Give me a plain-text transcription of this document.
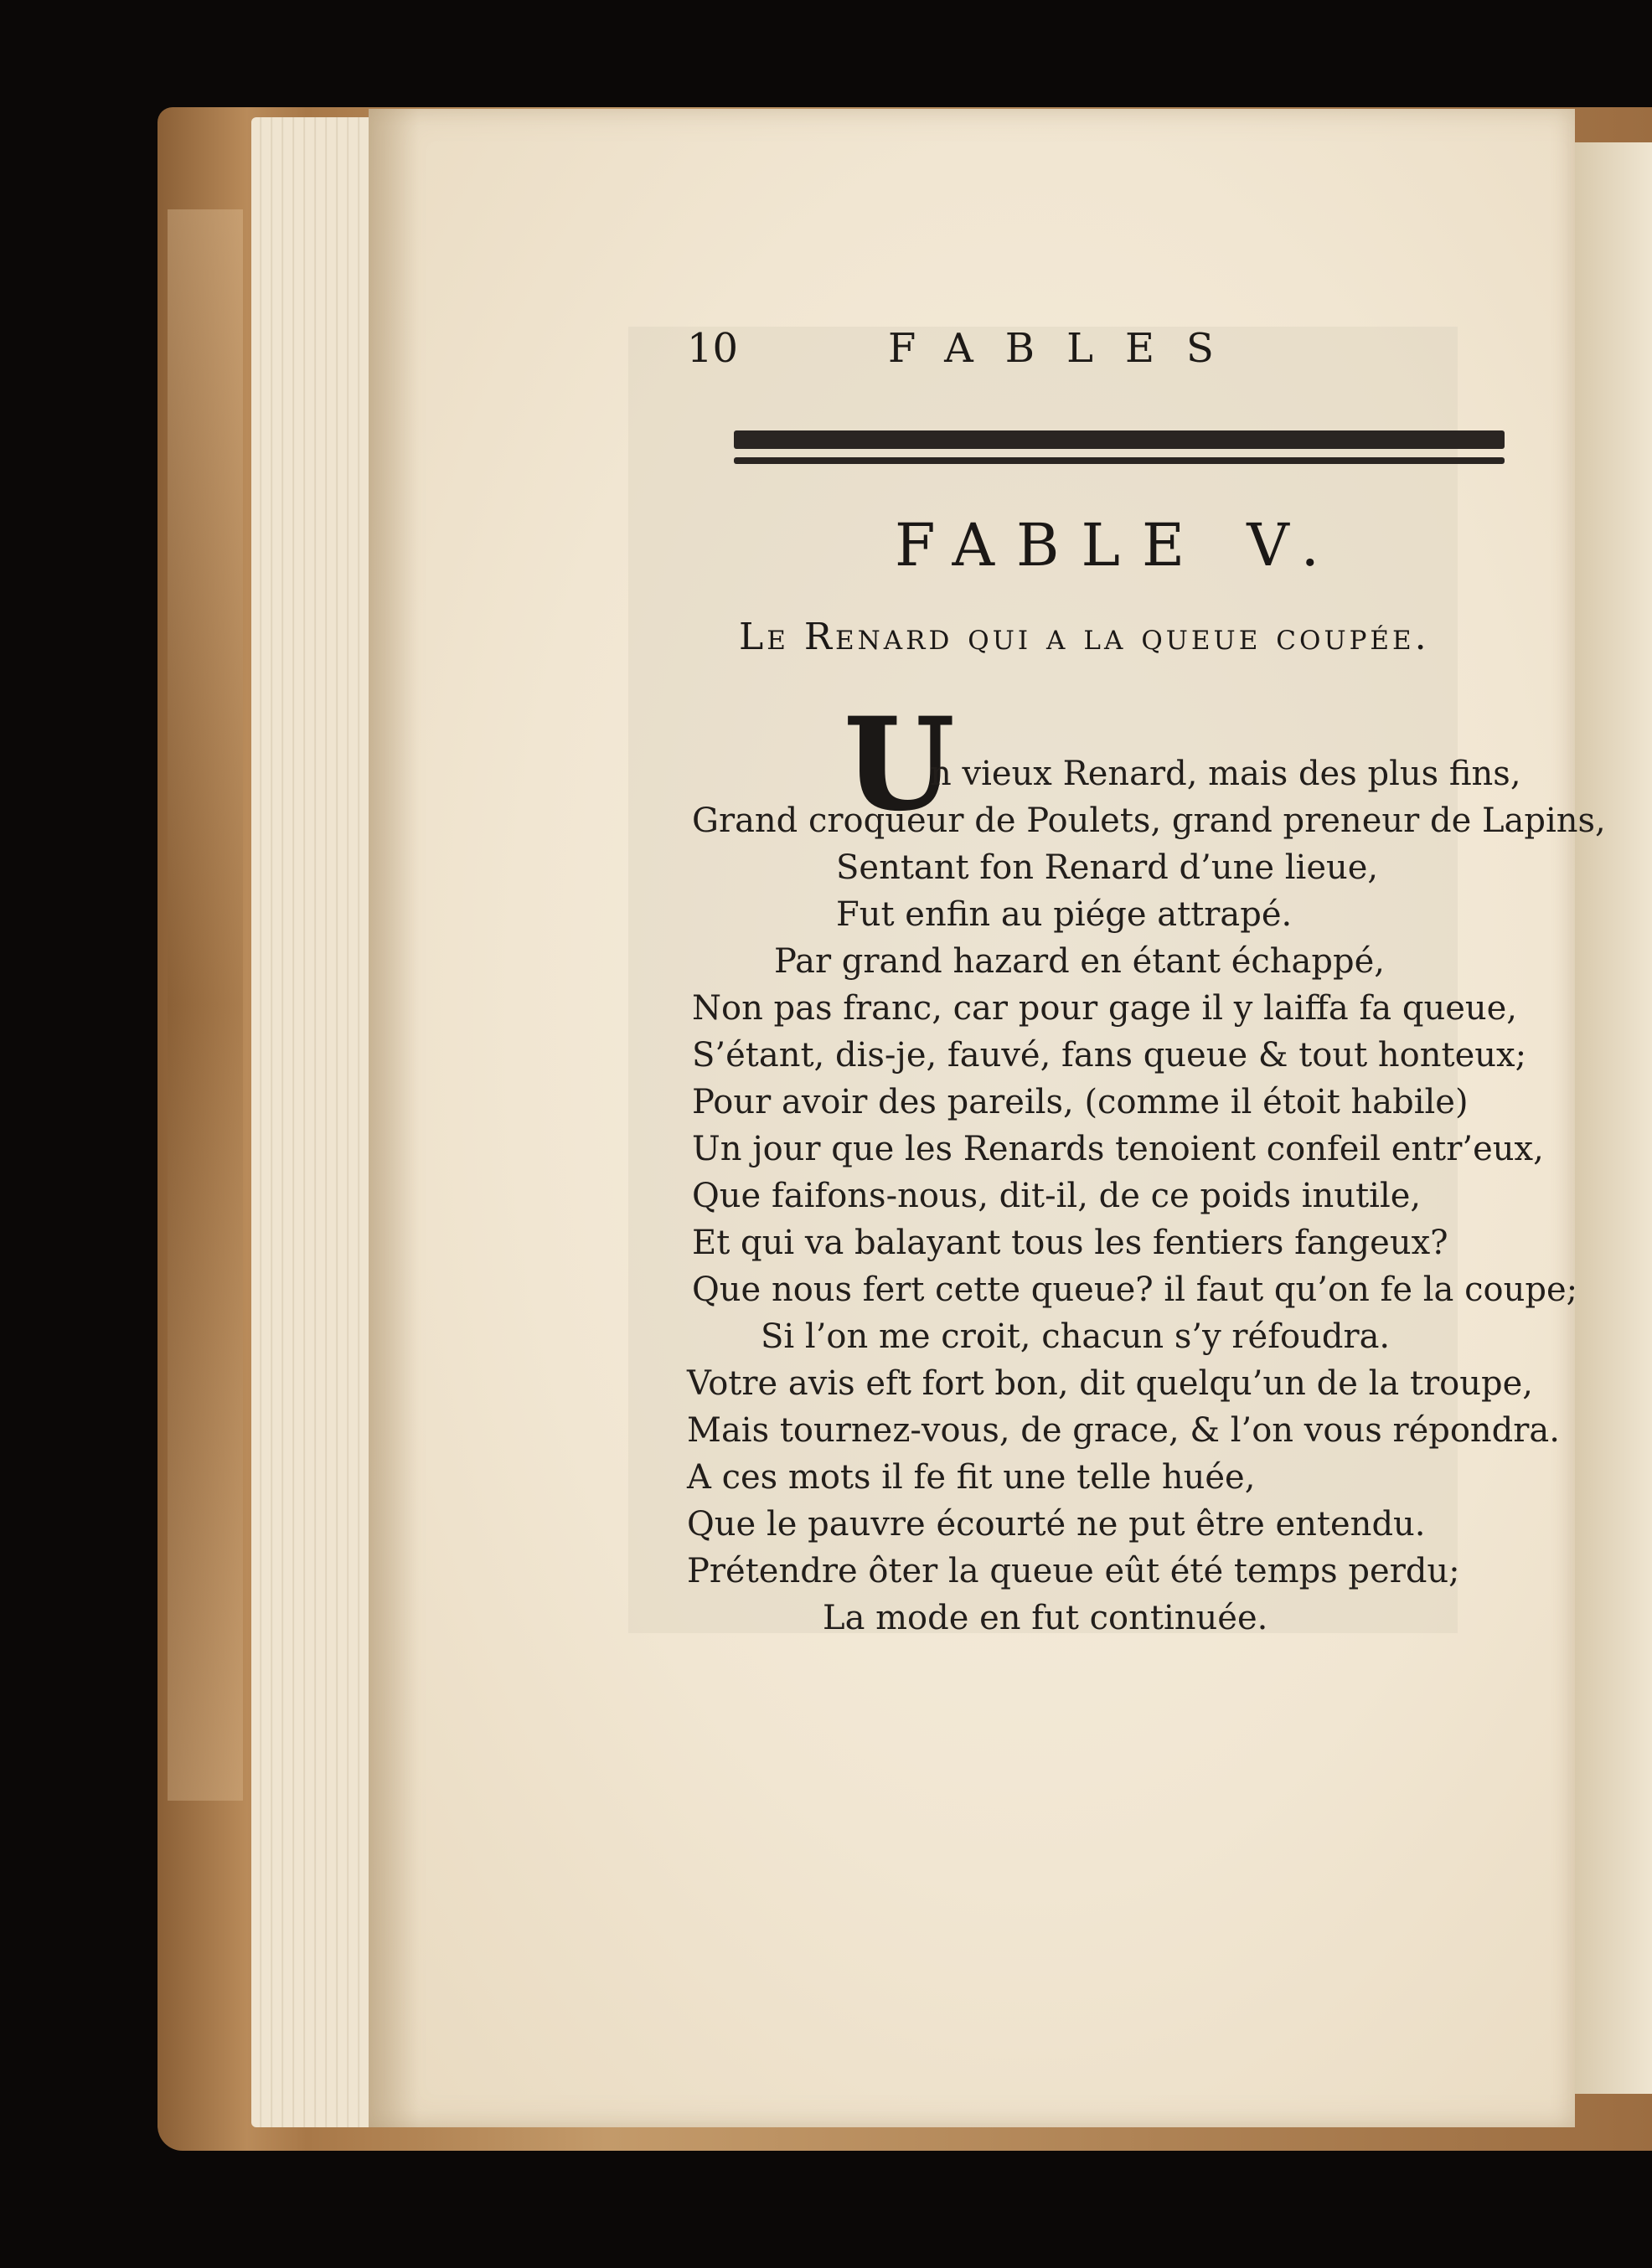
10	FABLES
FABLE V.
Le Renard qui a la queue coupée.
U
n vieux Renard, mais des plus fins,
Grand croqueur de Poulets, grand preneur de Lapins,
Sentant fon Renard d’une lieue,
Fut enfin au piége attrapé.
Par grand hazard en étant échappé,
Non pas franc, car pour gage il y laiffa fa queue,
S’étant, dis-je, fauvé, fans queue & tout honteux;
Pour avoir des pareils, (comme il étoit habile)
Un jour que les Renards tenoient confeil entr’eux,
Que faifons-nous, dit-il, de ce poids inutile,
Et qui va balayant tous les fentiers fangeux?
Que nous fert cette queue? il faut qu’on fe la coupe;
Si l’on me croit, chacun s’y réfoudra.
Votre avis eft fort bon, dit quelqu’un de la troupe,
Mais tournez-vous, de grace, & l’on vous répondra.
A ces mots il fe fit une telle huée,
Que le pauvre écourté ne put être entendu.
Prétendre ôter la queue eût été temps perdu;
La mode en fut continuée.
